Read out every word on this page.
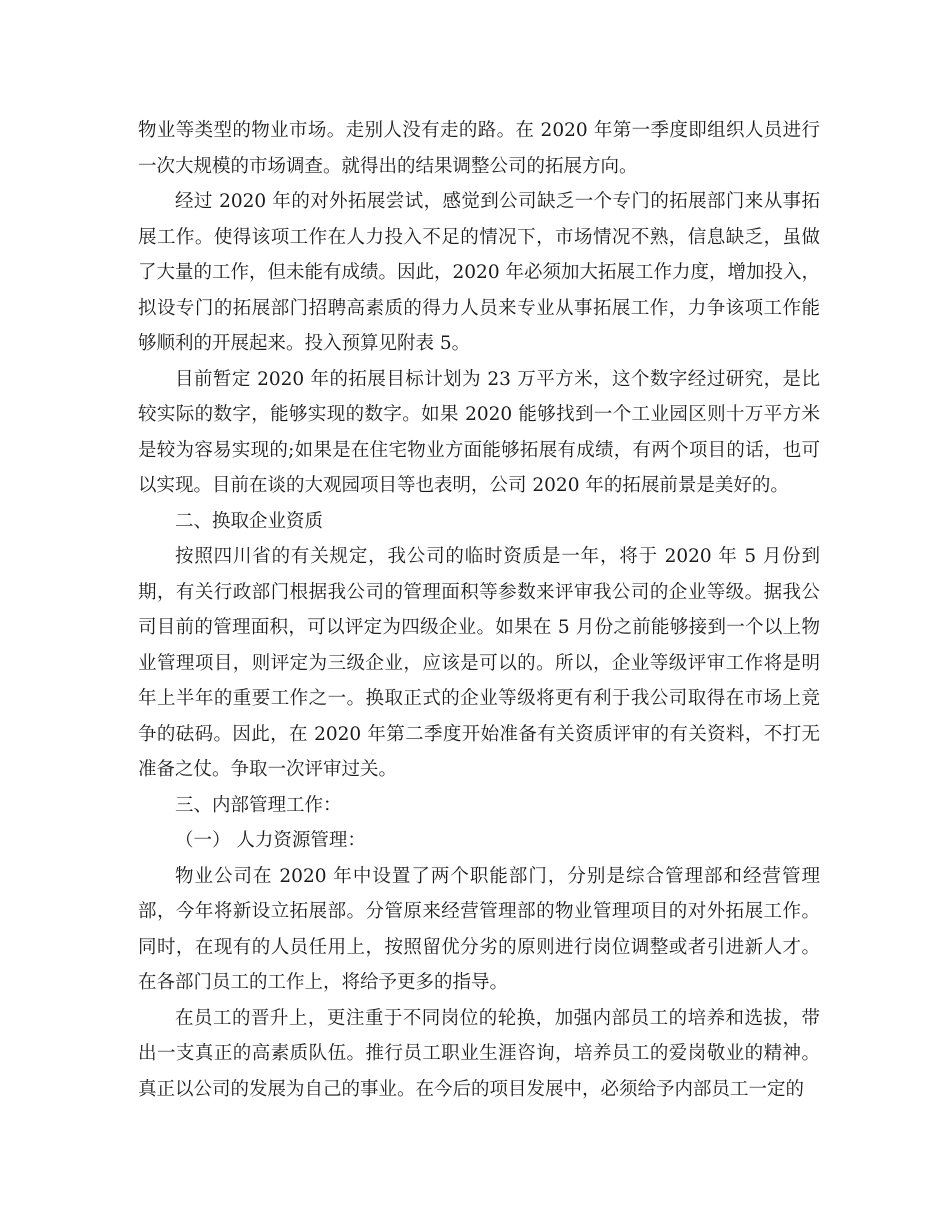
物业等类型的物业市场。走别人没有走的路。在 2020 年第一季度即组织人员进行一次大规模的市场调查。就得出的结果调整公司的拓展方向。

经过 2020 年的对外拓展尝试，感觉到公司缺乏一个专门的拓展部门来从事拓展工作。使得该项工作在人力投入不足的情况下，市场情况不熟，信息缺乏，虽做了大量的工作，但未能有成绩。因此，2020 年必须加大拓展工作力度，增加投入，拟设专门的拓展部门招聘高素质的得力人员来专业从事拓展工作，力争该项工作能够顺利的开展起来。投入预算见附表 5。

目前暂定 2020 年的拓展目标计划为 23 万平方米，这个数字经过研究，是比较实际的数字，能够实现的数字。如果 2020 能够找到一个工业园区则十万平方米是较为容易实现的;如果是在住宅物业方面能够拓展有成绩，有两个项目的话，也可以实现。目前在谈的大观园项目等也表明，公司 2020 年的拓展前景是美好的。

二、换取企业资质

按照四川省的有关规定，我公司的临时资质是一年，将于 2020 年 5 月份到期，有关行政部门根据我公司的管理面积等参数来评审我公司的企业等级。据我公司目前的管理面积，可以评定为四级企业。如果在 5 月份之前能够接到一个以上物业管理项目，则评定为三级企业，应该是可以的。所以，企业等级评审工作将是明年上半年的重要工作之一。换取正式的企业等级将更有利于我公司取得在市场上竞争的砝码。因此，在 2020 年第二季度开始准备有关资质评审的有关资料，不打无准备之仗。争取一次评审过关。

三、内部管理工作：

（一） 人力资源管理：

物业公司在 2020 年中设置了两个职能部门，分别是综合管理部和经营管理部，今年将新设立拓展部。分管原来经营管理部的物业管理项目的对外拓展工作。同时，在现有的人员任用上，按照留优分劣的原则进行岗位调整或者引进新人才。在各部门员工的工作上，将给予更多的指导。

在员工的晋升上，更注重于不同岗位的轮换，加强内部员工的培养和选拔，带出一支真正的高素质队伍。推行员工职业生涯咨询，培养员工的爱岗敬业的精神。真正以公司的发展为自己的事业。在今后的项目发展中，必须给予内部员工一定的
